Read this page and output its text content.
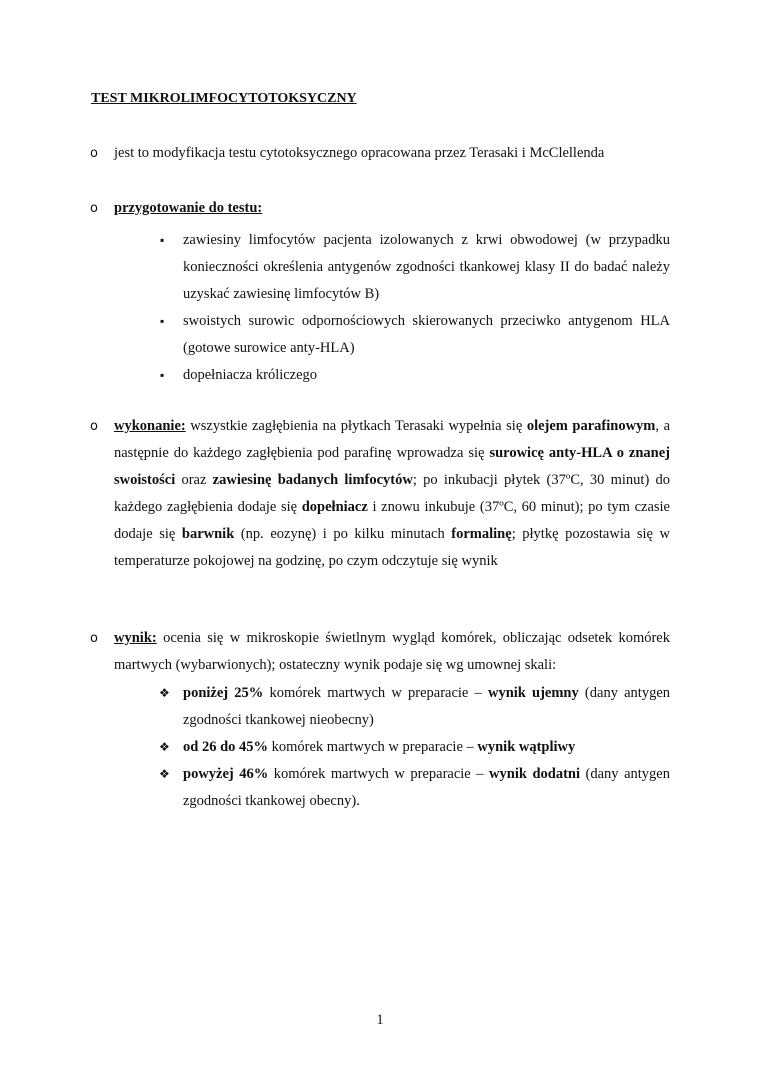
TEST MIKROLIMFOCYTOTOKSYCZNY
o jest to modyfikacja testu cytotoksycznego opracowana przez Terasaki i McClellenda
o przygotowanie do testu:
▪ zawiesiny limfocytów pacjenta izolowanych z krwi obwodowej (w przypadku konieczności określenia antygenów zgodności tkankowej klasy II do badać należy uzyskać zawiesinę limfocytów B)
▪ swoistych surowic odpornościowych skierowanych przeciwko antygenom HLA (gotowe surowice anty-HLA)
▪ dopełniacza króliczego
o wykonanie: wszystkie zagłębienia na płytkach Terasaki wypełnia się olejem parafinowym, a następnie do każdego zagłębienia pod parafinę wprowadza się surowicę anty-HLA o znanej swoistości oraz zawiesinę badanych limfocytów; po inkubacji płytek (37ºC, 30 minut) do każdego zagłębienia dodaje się dopełniacz i znowu inkubuje (37ºC, 60 minut); po tym czasie dodaje się barwnik (np. eozynę) i po kilku minutach formalinę; płytkę pozostawia się w temperaturze pokojowej na godzinę, po czym odczytuje się wynik
o wynik: ocenia się w mikroskopie świetlnym wygląd komórek, obliczając odsetek komórek martwych (wybarwionych); ostateczny wynik podaje się wg umownej skali:
❖ poniżej 25% komórek martwych w preparacie – wynik ujemny (dany antygen zgodności tkankowej nieobecny)
❖ od 26 do 45% komórek martwych w preparacie – wynik wątpliwy
❖ powyżej 46% komórek martwych w preparacie – wynik dodatni (dany antygen zgodności tkankowej obecny).
1
